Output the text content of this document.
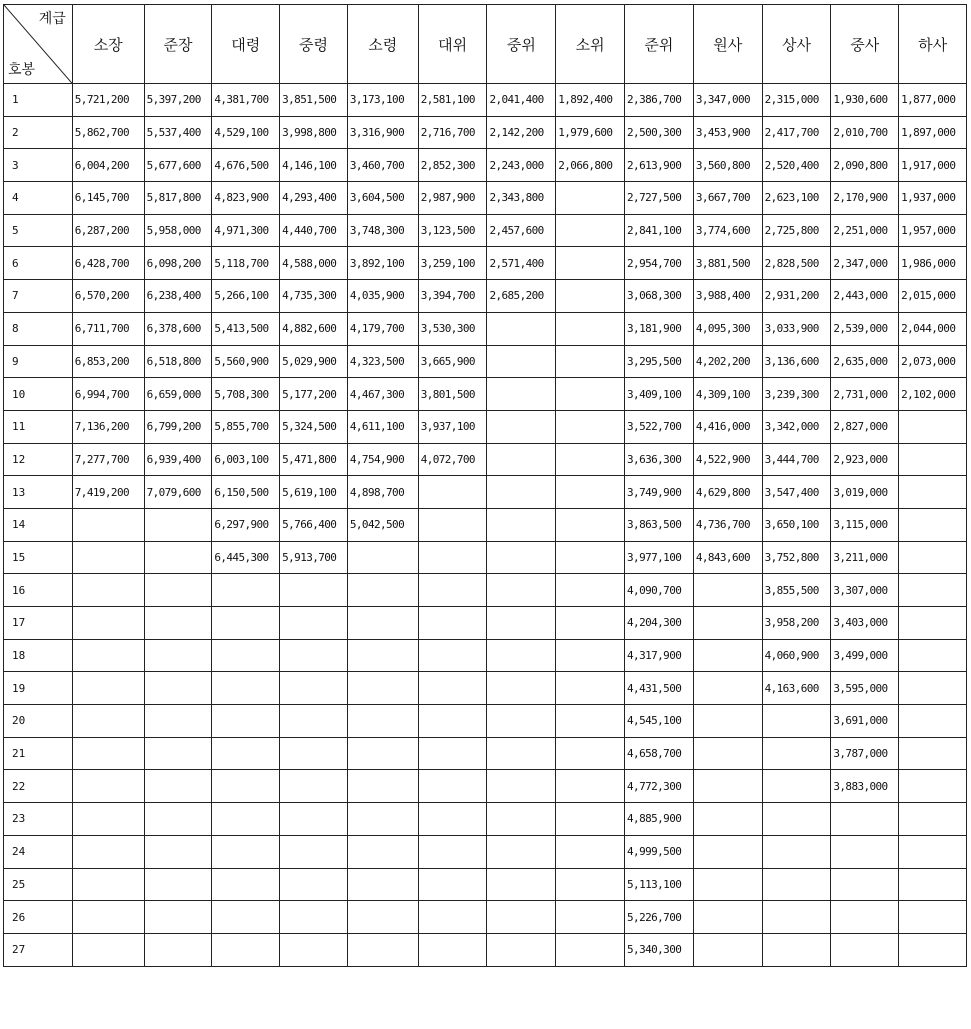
계급
호봉	소장	준장	대령	중령	소령	대위	중위	소위	준위	원사	상사	중사	하사
1	5,721,200	5,397,200	4,381,700	3,851,500	3,173,100	2,581,100	2,041,400	1,892,400	2,386,700	3,347,000	2,315,000	1,930,600	1,877,000
2	5,862,700	5,537,400	4,529,100	3,998,800	3,316,900	2,716,700	2,142,200	1,979,600	2,500,300	3,453,900	2,417,700	2,010,700	1,897,000
3	6,004,200	5,677,600	4,676,500	4,146,100	3,460,700	2,852,300	2,243,000	2,066,800	2,613,900	3,560,800	2,520,400	2,090,800	1,917,000
4	6,145,700	5,817,800	4,823,900	4,293,400	3,604,500	2,987,900	2,343,800		2,727,500	3,667,700	2,623,100	2,170,900	1,937,000
5	6,287,200	5,958,000	4,971,300	4,440,700	3,748,300	3,123,500	2,457,600		2,841,100	3,774,600	2,725,800	2,251,000	1,957,000
6	6,428,700	6,098,200	5,118,700	4,588,000	3,892,100	3,259,100	2,571,400		2,954,700	3,881,500	2,828,500	2,347,000	1,986,000
7	6,570,200	6,238,400	5,266,100	4,735,300	4,035,900	3,394,700	2,685,200		3,068,300	3,988,400	2,931,200	2,443,000	2,015,000
8	6,711,700	6,378,600	5,413,500	4,882,600	4,179,700	3,530,300			3,181,900	4,095,300	3,033,900	2,539,000	2,044,000
9	6,853,200	6,518,800	5,560,900	5,029,900	4,323,500	3,665,900			3,295,500	4,202,200	3,136,600	2,635,000	2,073,000
10	6,994,700	6,659,000	5,708,300	5,177,200	4,467,300	3,801,500			3,409,100	4,309,100	3,239,300	2,731,000	2,102,000
11	7,136,200	6,799,200	5,855,700	5,324,500	4,611,100	3,937,100			3,522,700	4,416,000	3,342,000	2,827,000	
12	7,277,700	6,939,400	6,003,100	5,471,800	4,754,900	4,072,700			3,636,300	4,522,900	3,444,700	2,923,000	
13	7,419,200	7,079,600	6,150,500	5,619,100	4,898,700				3,749,900	4,629,800	3,547,400	3,019,000	
14			6,297,900	5,766,400	5,042,500				3,863,500	4,736,700	3,650,100	3,115,000	
15			6,445,300	5,913,700					3,977,100	4,843,600	3,752,800	3,211,000	
16									4,090,700		3,855,500	3,307,000	
17									4,204,300		3,958,200	3,403,000	
18									4,317,900		4,060,900	3,499,000	
19									4,431,500		4,163,600	3,595,000	
20									4,545,100			3,691,000	
21									4,658,700			3,787,000	
22									4,772,300			3,883,000	
23									4,885,900				
24									4,999,500				
25									5,113,100				
26									5,226,700				
27									5,340,300				
